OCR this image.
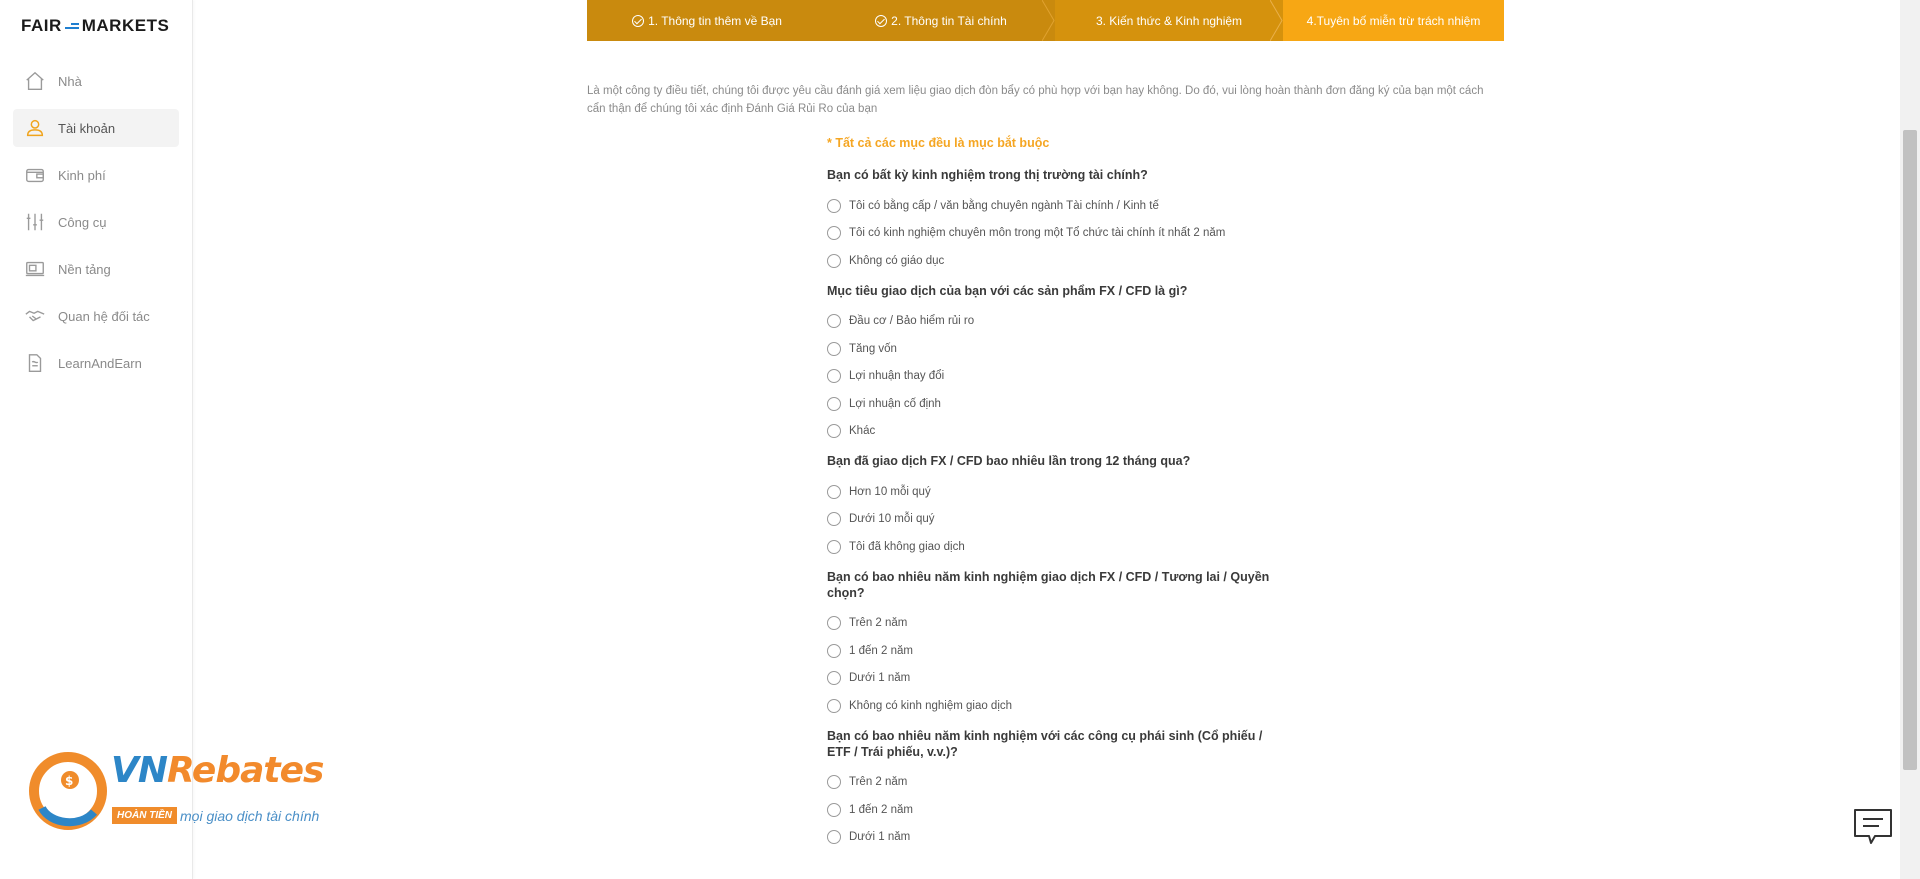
FAIR MARKETS
Nhà
Tài khoản
Kinh phí
Công cụ
Nền tảng
Quan hệ đối tác
LearnAndEarn
1. Thông tin thêm về Bạn	2. Thông tin Tài chính	3. Kiến thức & Kinh nghiệm	4.Tuyên bố miễn trừ trách nhiệm

Là một công ty điều tiết, chúng tôi được yêu cầu đánh giá xem liệu giao dịch đòn bẩy có phù hợp với bạn hay không. Do đó, vui lòng hoàn thành đơn đăng ký của bạn một cách cẩn thận để chúng tôi xác định Đánh Giá Rủi Ro của bạn

* Tất cả các mục đều là mục bắt buộc
Bạn có bất kỳ kinh nghiệm trong thị trường tài chính?
Tôi có bằng cấp / văn bằng chuyên ngành Tài chính / Kinh tế
Tôi có kinh nghiệm chuyên môn trong một Tổ chức tài chính ít nhất 2 năm
Không có giáo dục
Mục tiêu giao dịch của bạn với các sản phẩm FX / CFD là gì?
Đầu cơ / Bảo hiểm rủi ro
Tăng vốn
Lợi nhuận thay đổi
Lợi nhuận cố định
Khác
Bạn đã giao dịch FX / CFD bao nhiêu lần trong 12 tháng qua?
Hơn 10 mỗi quý
Dưới 10 mỗi quý
Tôi đã không giao dịch
Bạn có bao nhiêu năm kinh nghiệm giao dịch FX / CFD / Tương lai / Quyền chọn?
Trên 2 năm
1 đến 2 năm
Dưới 1 năm
Không có kinh nghiệm giao dịch
Bạn có bao nhiêu năm kinh nghiệm với các công cụ phái sinh (Cổ phiếu / ETF / Trái phiếu, v.v.)?
Trên 2 năm
1 đến 2 năm
Dưới 1 năm
$ VNRebates
HOÀN TIỀN mọi giao dịch tài chính
